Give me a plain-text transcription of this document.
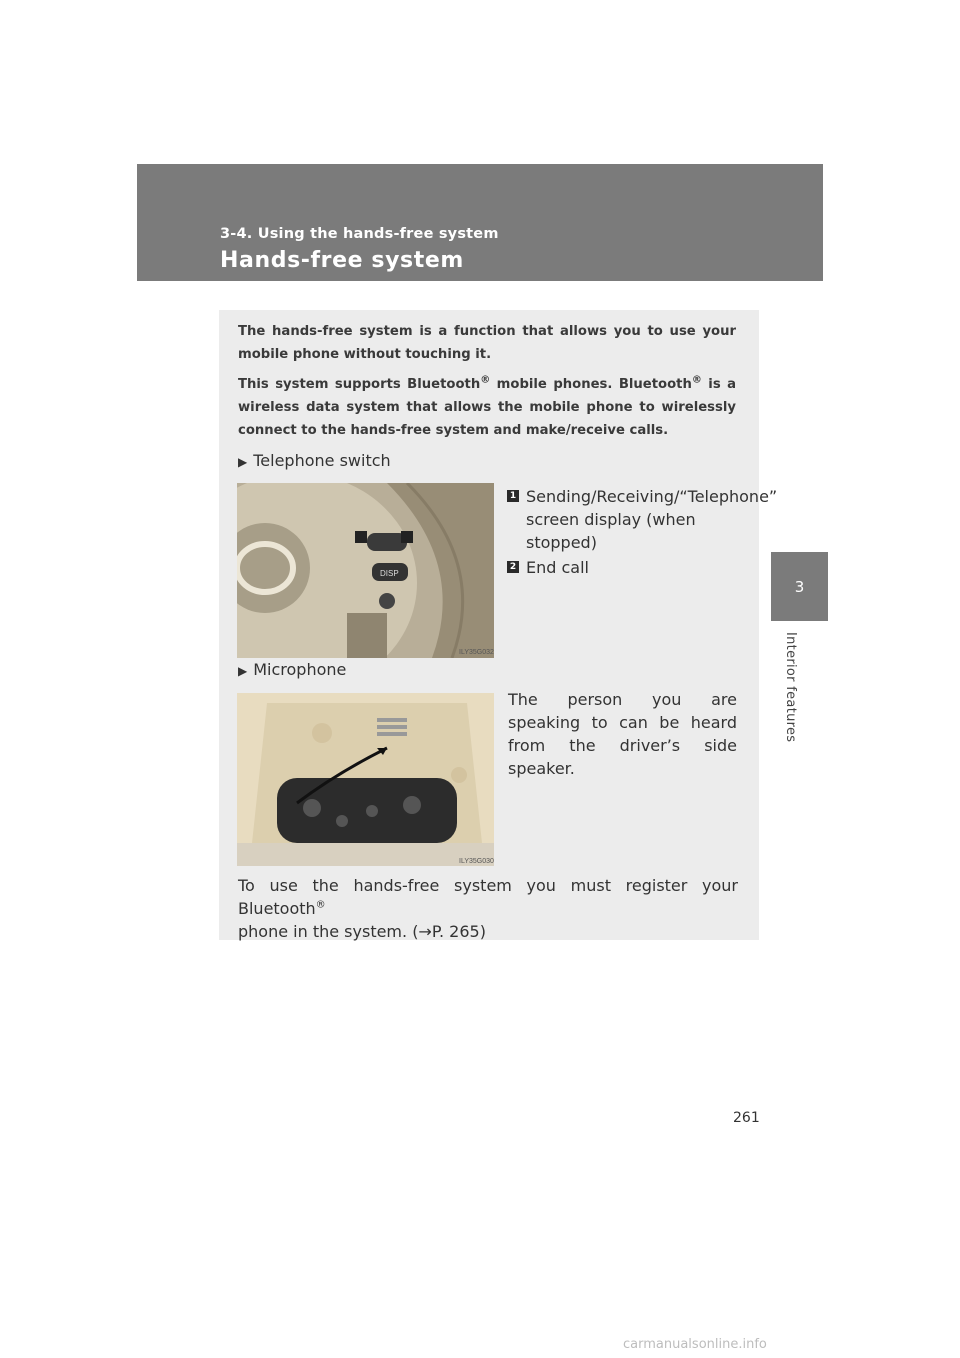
3-4. Using the hands-free system
Hands-free system
3
Interior features

The hands-free system is a function that allows you to use your mobile phone without touching it.

This system supports Bluetooth® mobile phones. Bluetooth® is a wireless data system that allows the mobile phone to wirelessly connect to the hands-free system and make/receive calls.

▶ Telephone switch
DISP
ILY35G032
1 Sending/Receiving/“Telephone” screen display (when stopped)
2 End call
▶ Microphone
ILY35G030

The person you are speaking to can be heard from the driver’s side speaker.

To use the hands-free system you must register your Bluetooth®
phone in the system. (→P. 265)

261
carmanualsonline.info
